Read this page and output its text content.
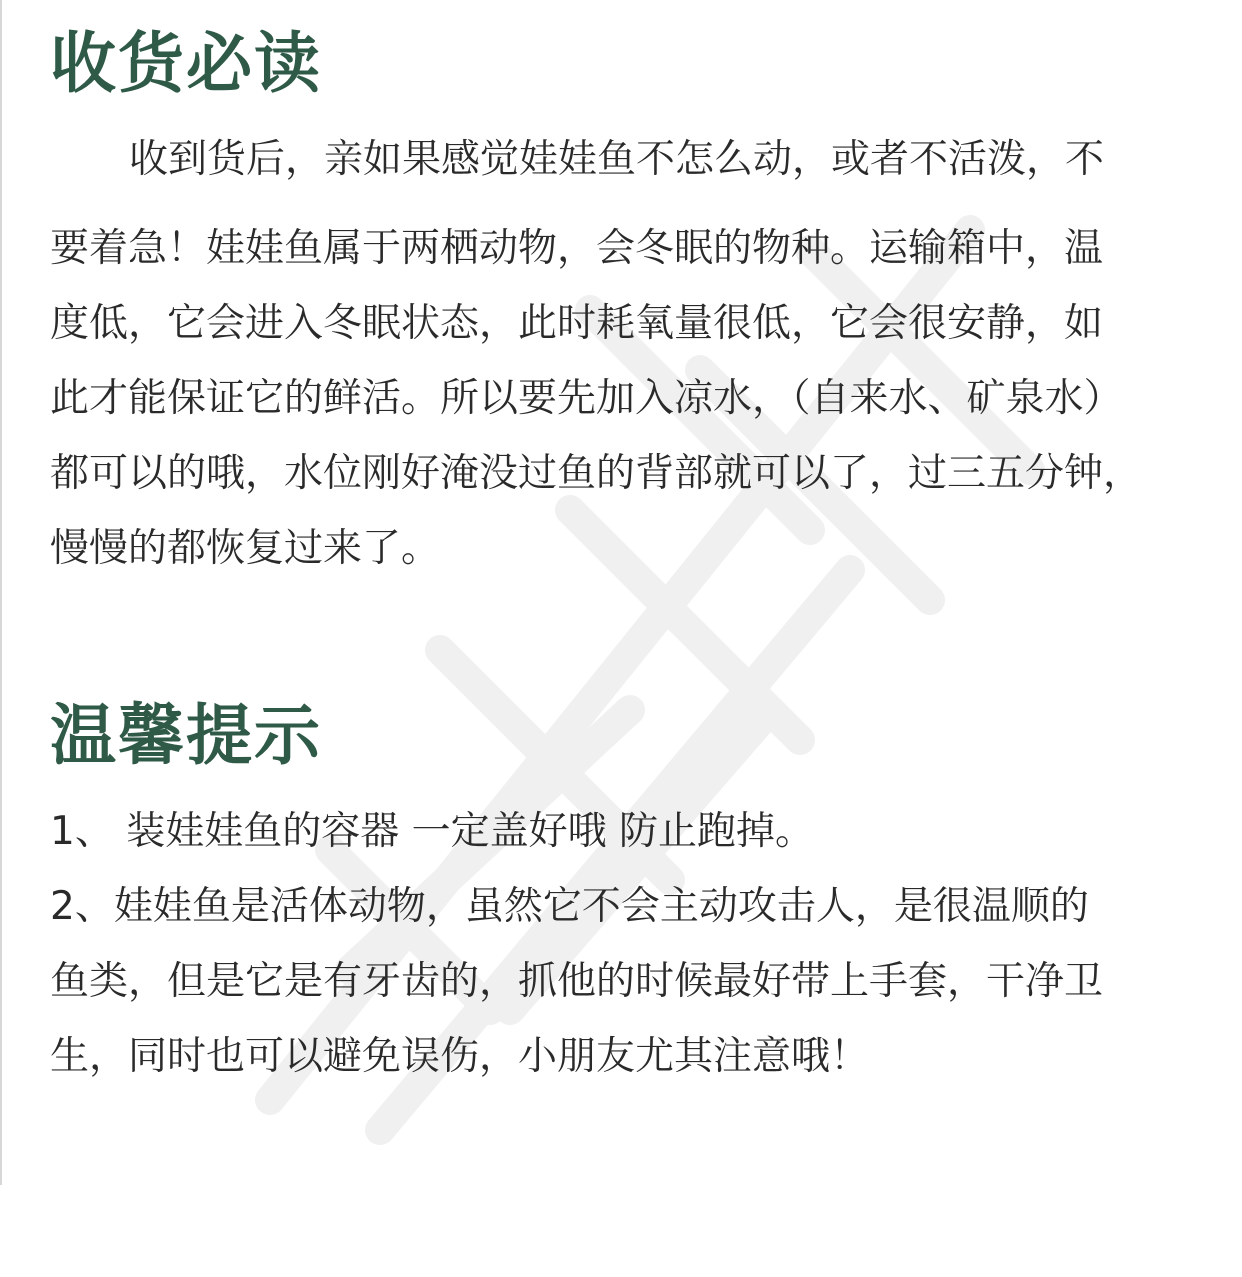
收货必读
收到货后，亲如果感觉娃娃鱼不怎么动，或者不活泼，不
要着急！娃娃鱼属于两栖动物，会冬眠的物种。运输箱中，温
度低，它会进入冬眠状态，此时耗氧量很低，它会很安静，如
此才能保证它的鲜活。所以要先加入凉水，（自来水、矿泉水）
都可以的哦，水位刚好淹没过鱼的背部就可以了，过三五分钟，
慢慢的都恢复过来了。
温馨提示
1、 装娃娃鱼的容器 一定盖好哦 防止跑掉。
2、娃娃鱼是活体动物，虽然它不会主动攻击人，是很温顺的
鱼类，但是它是有牙齿的，抓他的时候最好带上手套，干净卫
生，同时也可以避免误伤，小朋友尤其注意哦！
